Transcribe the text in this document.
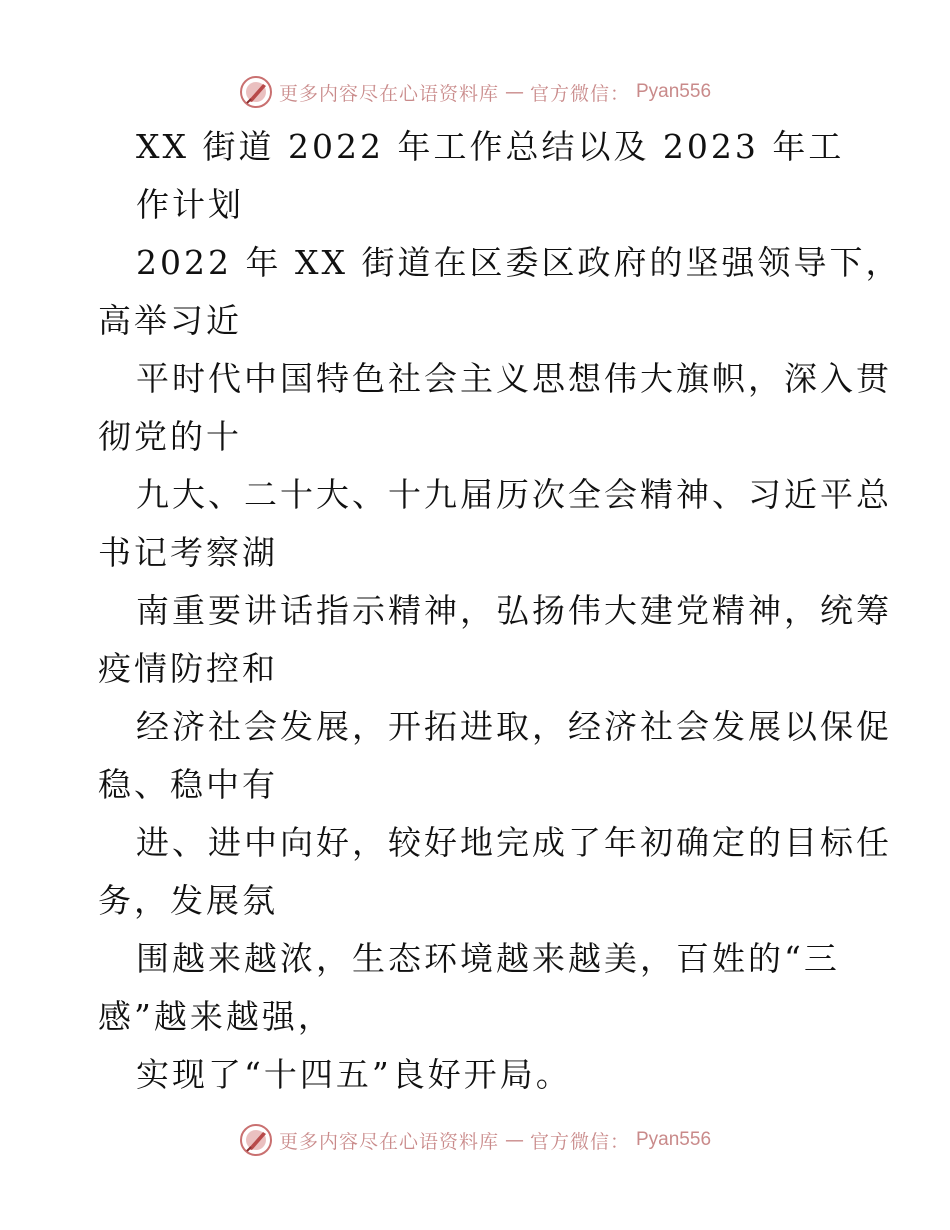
更多内容尽在心语资料库 — 官方微信： Pyan556
XX 街道 2022 年工作总结以及 2023 年工
作计划
2022 年 XX 街道在区委区政府的坚强领导下，
高举习近
平时代中国特色社会主义思想伟大旗帜，深入贯
彻党的十
九大、二十大、十九届历次全会精神、习近平总
书记考察湖
南重要讲话指示精神，弘扬伟大建党精神，统筹
疫情防控和
经济社会发展，开拓进取，经济社会发展以保促
稳、稳中有
进、进中向好，较好地完成了年初确定的目标任
务，发展氛
围越来越浓，生态环境越来越美，百姓的“三
感”越来越强，
实现了“十四五”良好开局。
更多内容尽在心语资料库 — 官方微信： Pyan556
